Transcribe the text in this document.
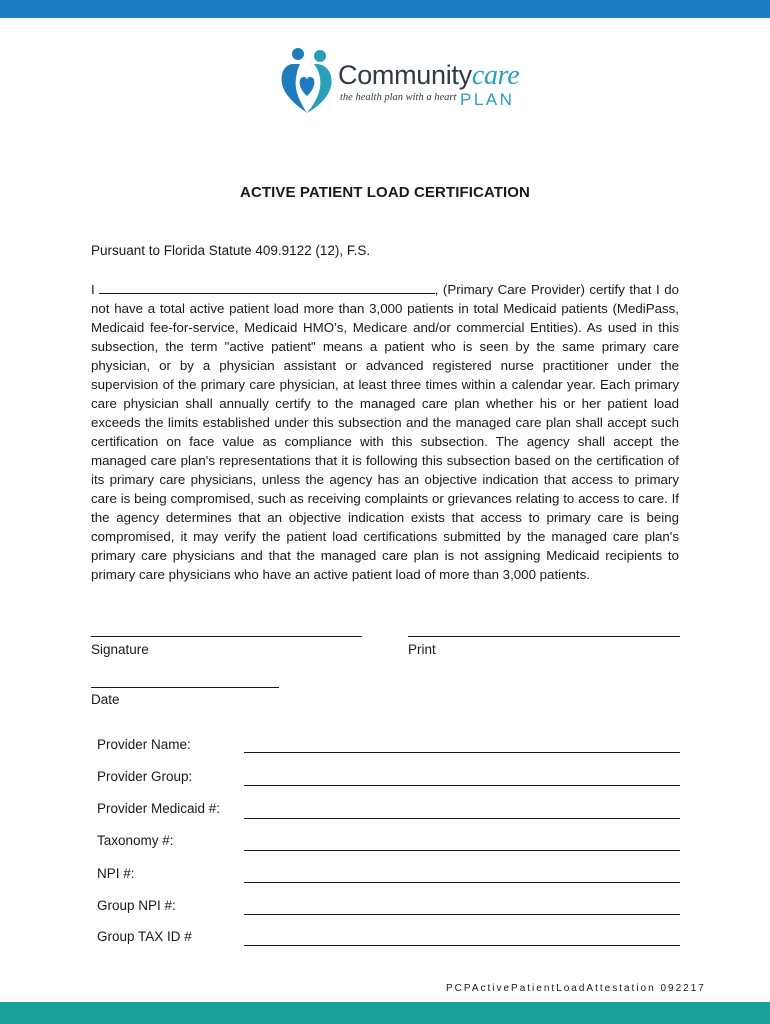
Communitycare
the health plan with a heart PLAN
ACTIVE PATIENT LOAD CERTIFICATION
Pursuant to Florida Statute 409.9122 (12), F.S.
I	, (Primary Care Provider) certify that I do not have a total active patient load more than 3,000 patients in total Medicaid patients (MediPass, Medicaid fee-for-service, Medicaid HMO’s, Medicare and/or commercial Entities). As used in this subsection, the term "active patient" means a patient who is seen by the same primary care physician, or by a physician assistant or advanced registered nurse practitioner under the supervision of the primary care physician, at least three times within a calendar year. Each primary care physician shall annually certify to the managed care plan whether his or her patient load exceeds the limits established under this subsection and the managed care plan shall accept such certification on face value as compliance with this subsection. The agency shall accept the managed care plan's representations that it is following this subsection based on the certification of its primary care physicians, unless the agency has an objective indication that access to primary care is being compromised, such as receiving complaints or grievances relating to access to care. If the agency determines that an objective indication exists that access to primary care is being compromised, it may verify the patient load certifications submitted by the managed care plan's primary care physicians and that the managed care plan is not assigning Medicaid recipients to primary care physicians who have an active patient load of more than 3,000 patients.
Signature	Print
Date
Provider Name:
Provider Group:
Provider Medicaid #:
Taxonomy #:
NPI #:
Group NPI #:
Group TAX ID #
PCPActivePatientLoadAttestation 092217
